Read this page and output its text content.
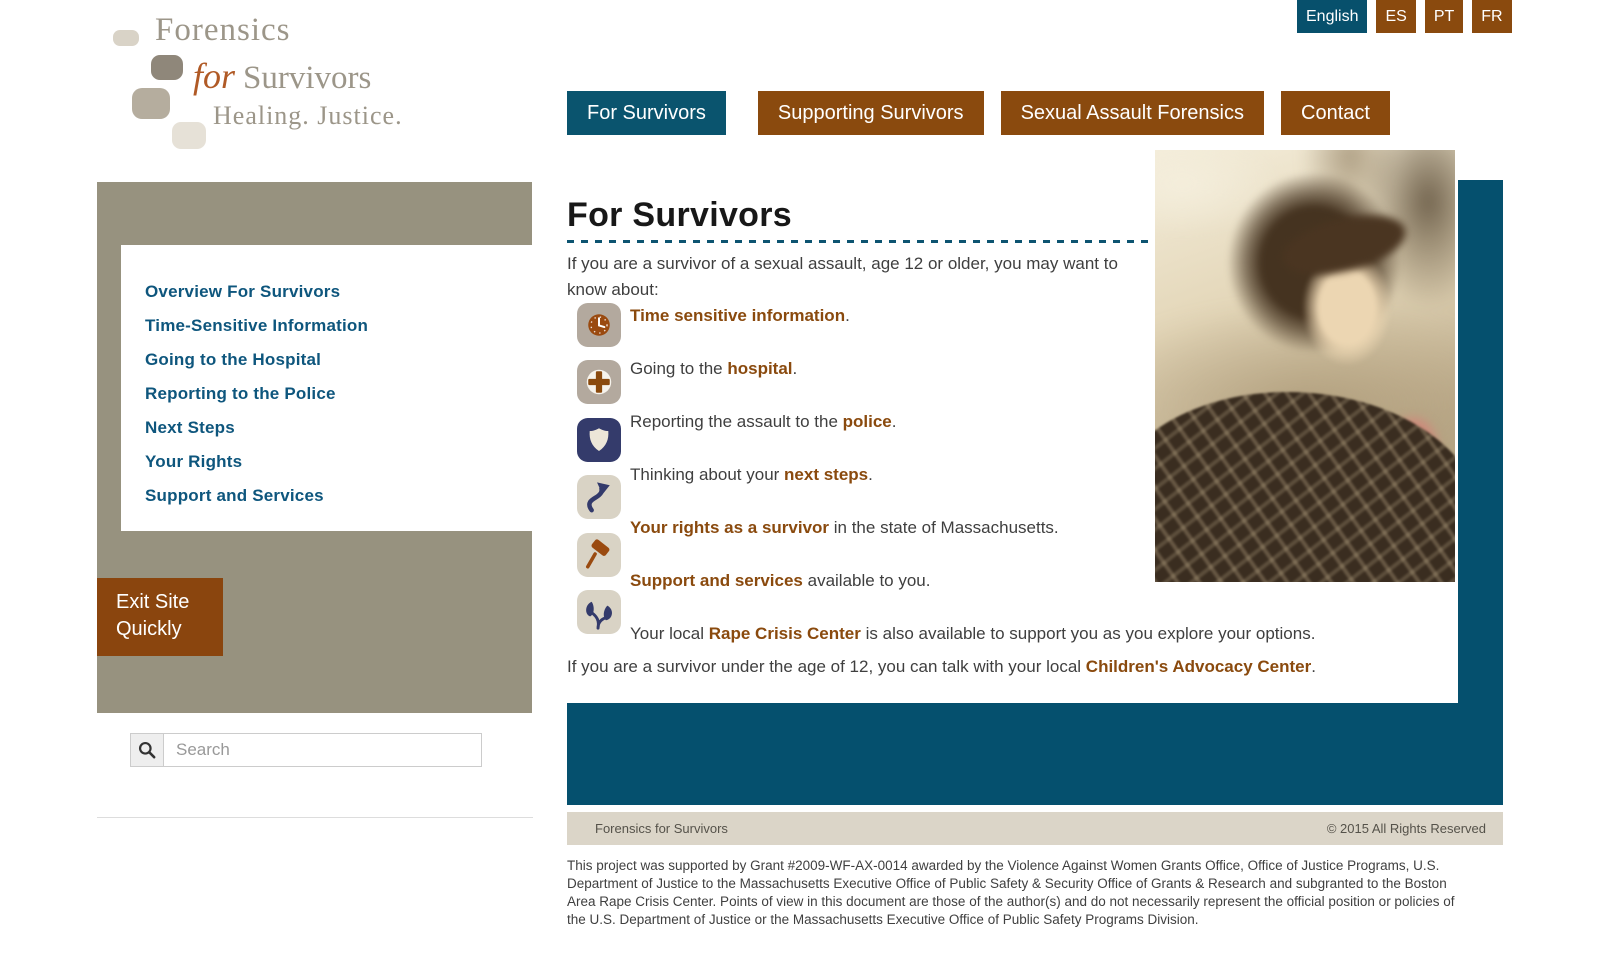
Forensics
for Survivors
Healing. Justice.
English	ES	PT	FR
For Survivors	Supporting Survivors	Sexual Assault Forensics	Contact
Overview For Survivors
Time-Sensitive Information
Going to the Hospital
Reporting to the Police
Next Steps
Your Rights
Support and Services
Exit Site Quickly
Search
For Survivors
If you are a survivor of a sexual assault, age 12 or older, you may want to know about:
Time sensitive information.
Going to the hospital.
Reporting the assault to the police.
Thinking about your next steps.
Your rights as a survivor in the state of Massachusetts.
Support and services available to you.
Your local Rape Crisis Center is also available to support you as you explore your options.
If you are a survivor under the age of 12, you can talk with your local Children's Advocacy Center.
Forensics for Survivors	© 2015 All Rights Reserved
This project was supported by Grant #2009-WF-AX-0014 awarded by the Violence Against Women Grants Office, Office of Justice Programs, U.S. Department of Justice to the Massachusetts Executive Office of Public Safety & Security Office of Grants & Research and subgranted to the Boston Area Rape Crisis Center. Points of view in this document are those of the author(s) and do not necessarily represent the official position or policies of the U.S. Department of Justice or the Massachusetts Executive Office of Public Safety Programs Division.
